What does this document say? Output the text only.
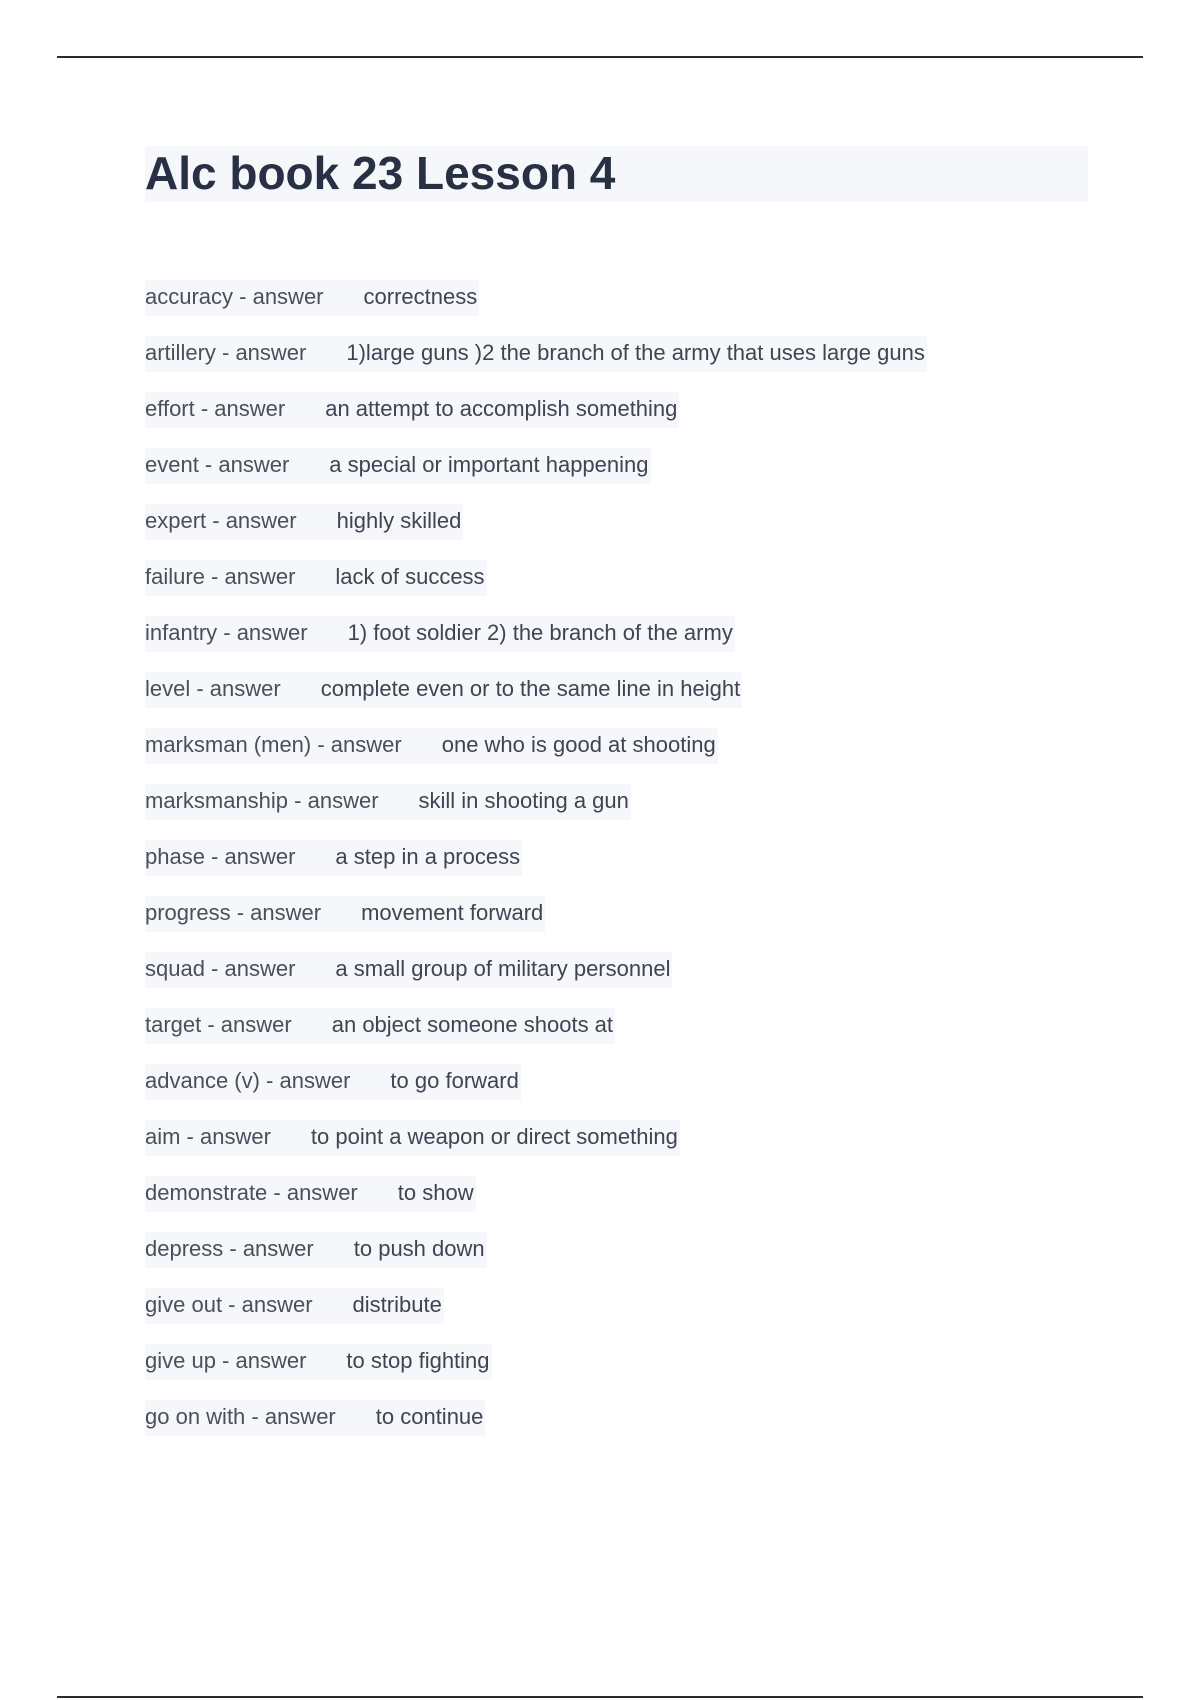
Alc book 23 Lesson 4
accuracy - answer correctness
artillery - answer 1)large guns )2 the branch of the army that uses large guns
effort - answer an attempt to accomplish something
event - answer a special or important happening
expert - answer highly skilled
failure - answer lack of success
infantry - answer 1) foot soldier 2) the branch of the army
level - answer complete even or to the same line in height
marksman (men) - answer one who is good at shooting
marksmanship - answer skill in shooting a gun
phase - answer a step in a process
progress - answer movement forward
squad - answer a small group of military personnel
target - answer an object someone shoots at
advance (v) - answer to go forward
aim - answer to point a weapon or direct something
demonstrate - answer to show
depress - answer to push down
give out - answer distribute
give up - answer to stop fighting
go on with - answer to continue
